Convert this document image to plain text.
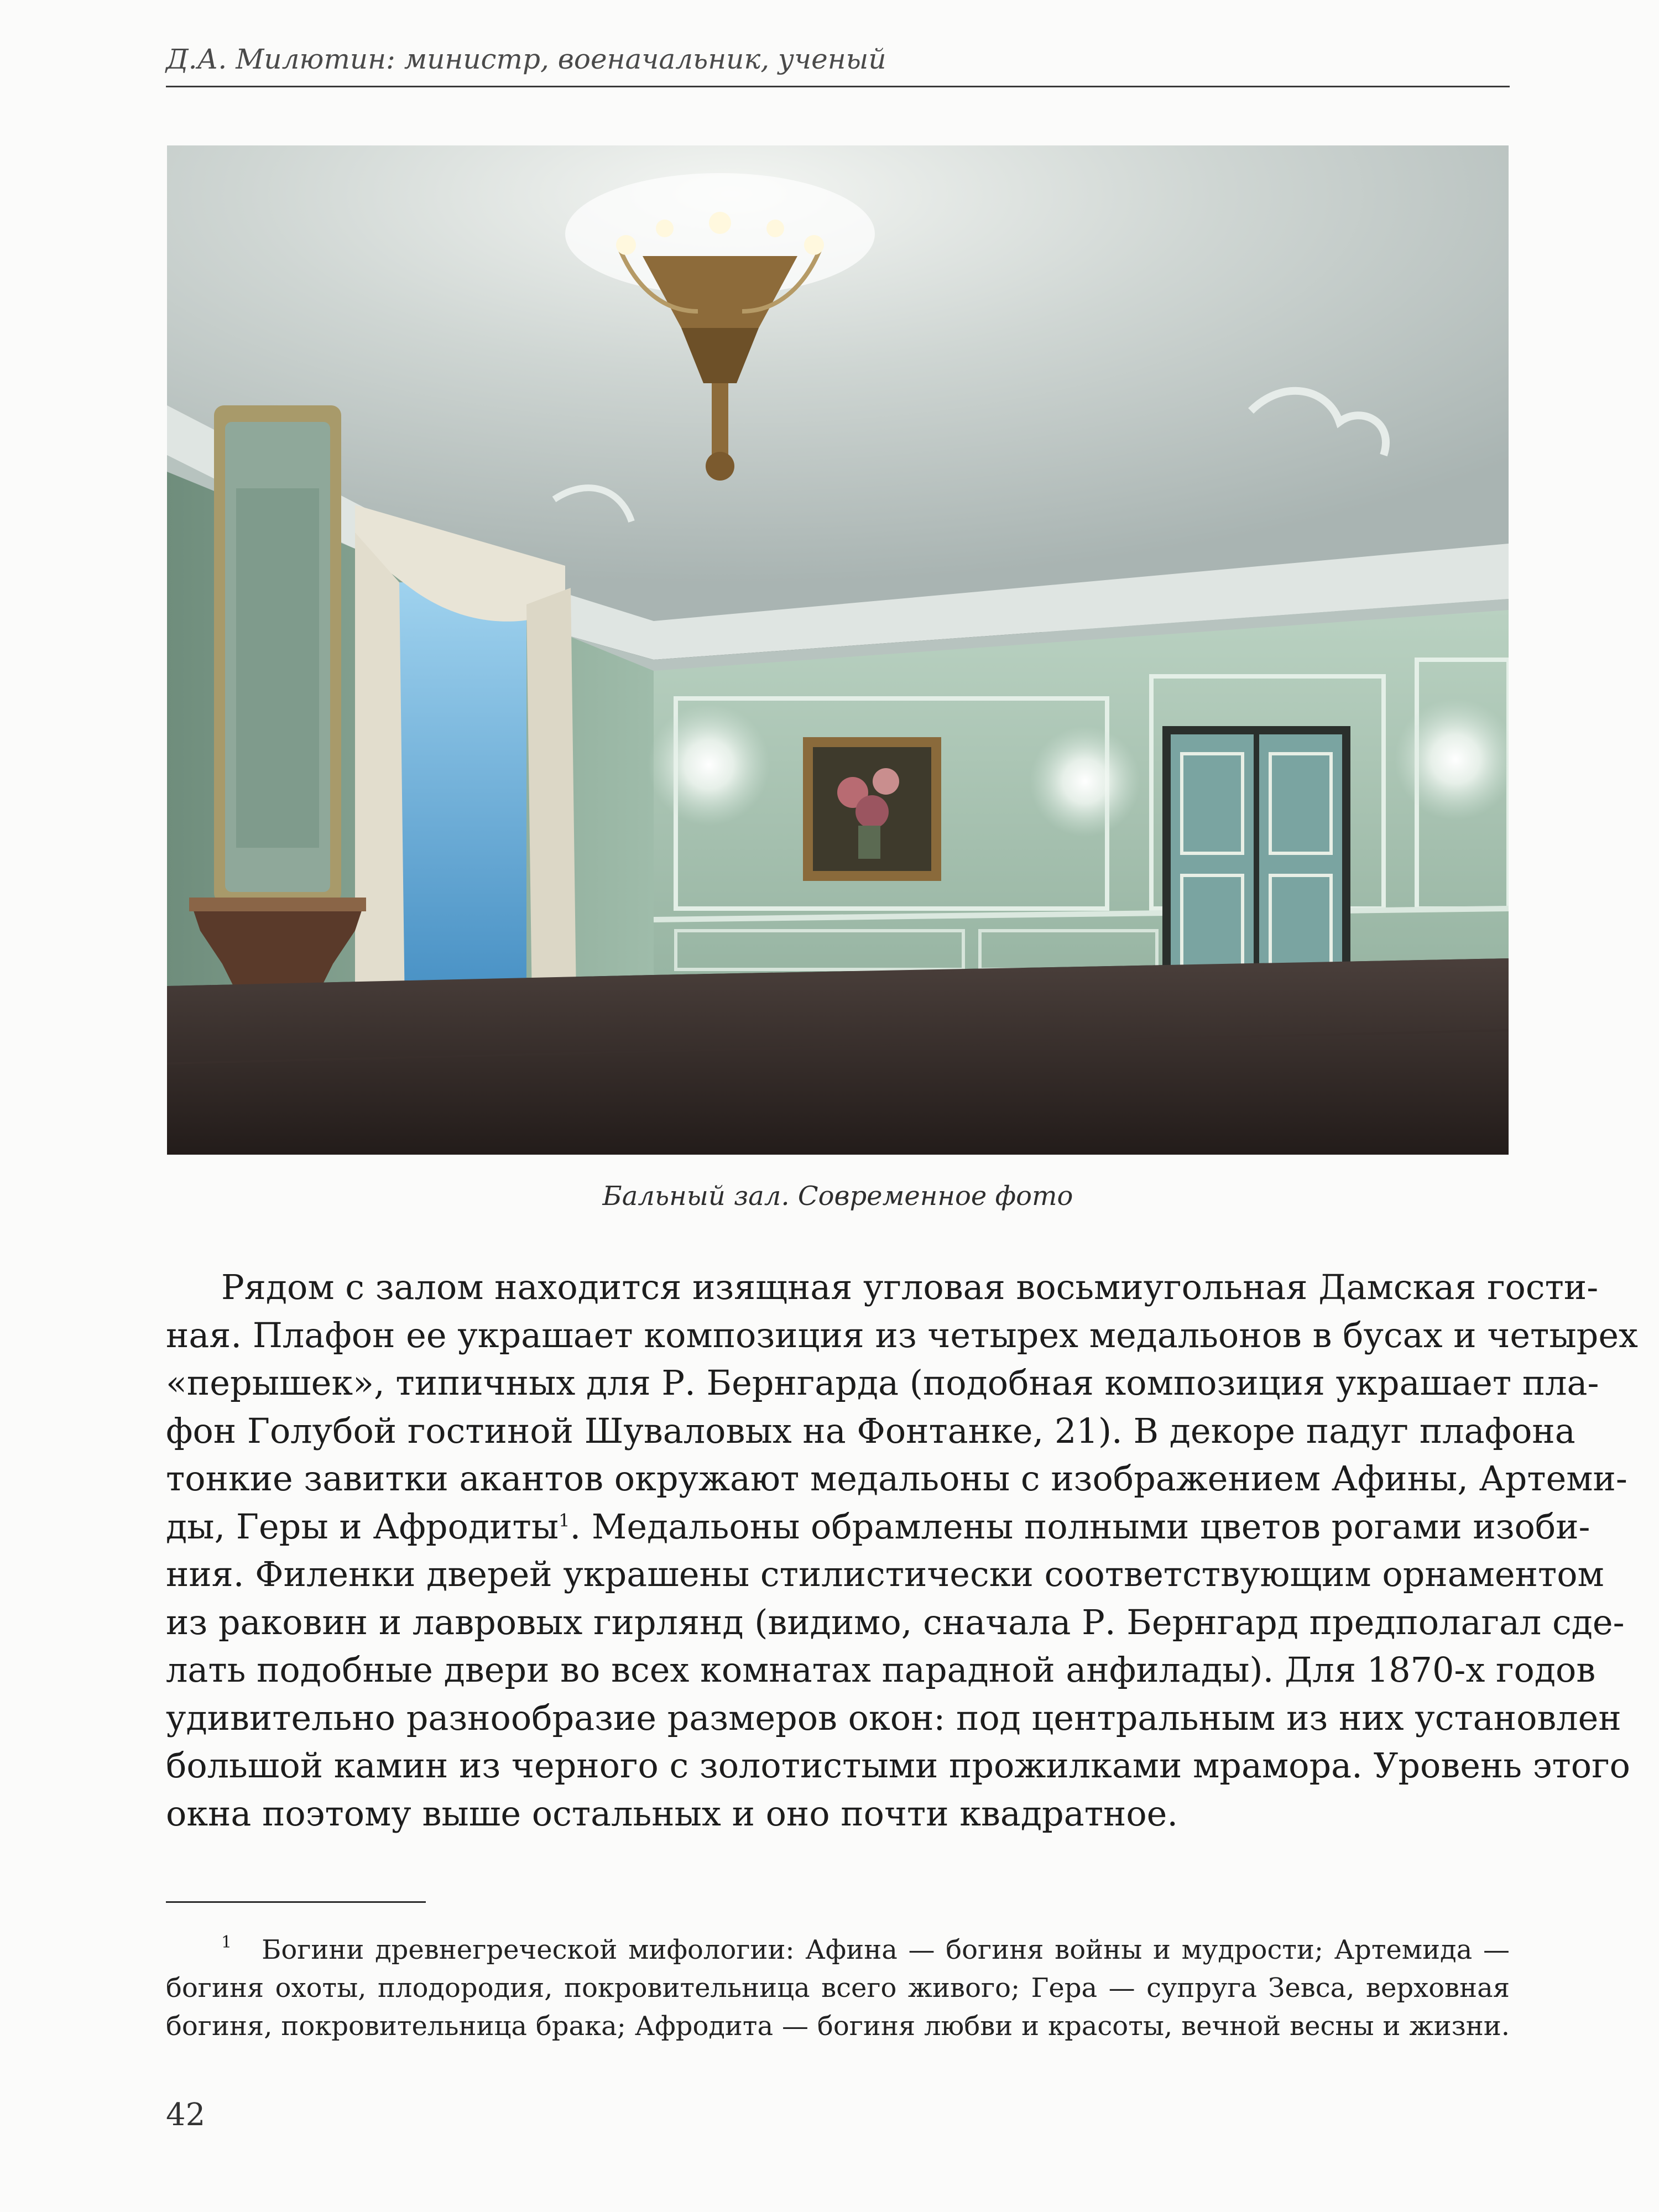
Д.А. Милютин: министр, военачальник, ученый
Бальный зал. Современное фото
Рядом с залом находится изящная угловая восьмиугольная Дамская гости-
ная. Плафон ее украшает композиция из четырех медальонов в бусах и четырех
«перышек», типичных для Р. Бернгарда (подобная композиция украшает пла-
фон Голубой гостиной Шуваловых на Фонтанке, 21). В декоре падуг плафона
тонкие завитки акантов окружают медальоны с изображением Афины, Артеми-
ды, Геры и Афродиты$^1$. Медальоны обрамлены полными цветов рогами изоби-
ния. Филенки дверей украшены стилистически соответствующим орнаментом
из раковин и лавровых гирлянд (видимо, сначала Р. Бернгард предполагал сде-
лать подобные двери во всех комнатах парадной анфилады). Для 1870-х годов
удивительно разнообразие размеров окон: под центральным из них установлен
большой камин из черного с золотистыми прожилками мрамора. Уровень этого
окна поэтому выше остальных и оно почти квадратное.
$^1$ Богини древнегреческой мифологии: Афина — богиня войны и мудрости; Артемида —
богиня охоты, плодородия, покровительница всего живого; Гера — супруга Зевса, верховная
богиня, покровительница брака; Афродита — богиня любви и красоты, вечной весны и жизни.
42
